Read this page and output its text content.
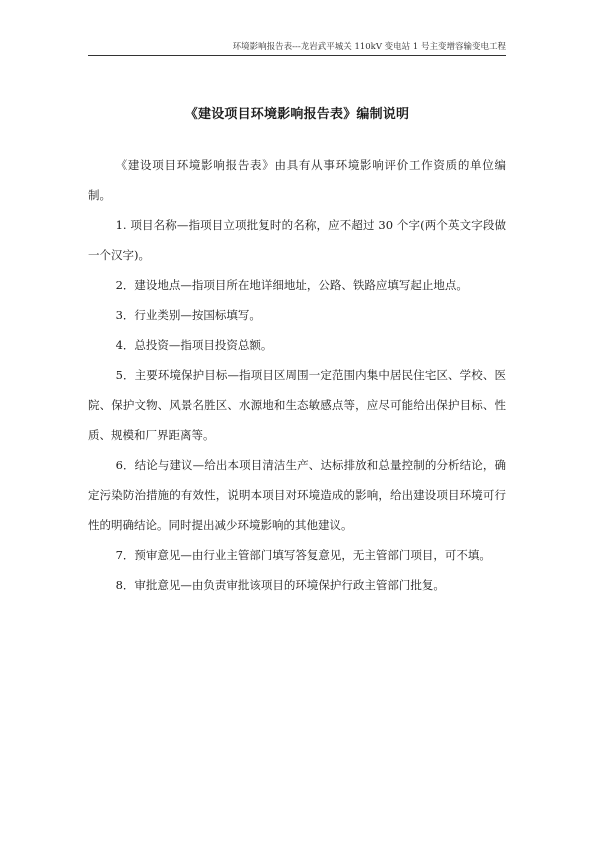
环境影响报告表---龙岩武平城关 110kV 变电站 1 号主变增容输变电工程
《建设项目环境影响报告表》编制说明

《建设项目环境影响报告表》由具有从事环境影响评价工作资质的单位编制。

1. 项目名称—指项目立项批复时的名称，应不超过 30 个字(两个英文字段做一个汉字)。

2．建设地点—指项目所在地详细地址，公路、铁路应填写起止地点。

3．行业类别—按国标填写。

4．总投资—指项目投资总额。

5．主要环境保护目标—指项目区周围一定范围内集中居民住宅区、学校、医院、保护文物、风景名胜区、水源地和生态敏感点等，应尽可能给出保护目标、性质、规模和厂界距离等。

6．结论与建议—给出本项目清洁生产、达标排放和总量控制的分析结论，确定污染防治措施的有效性，说明本项目对环境造成的影响，给出建设项目环境可行性的明确结论。同时提出减少环境影响的其他建议。

7．预审意见—由行业主管部门填写答复意见，无主管部门项目，可不填。

8．审批意见—由负责审批该项目的环境保护行政主管部门批复。
